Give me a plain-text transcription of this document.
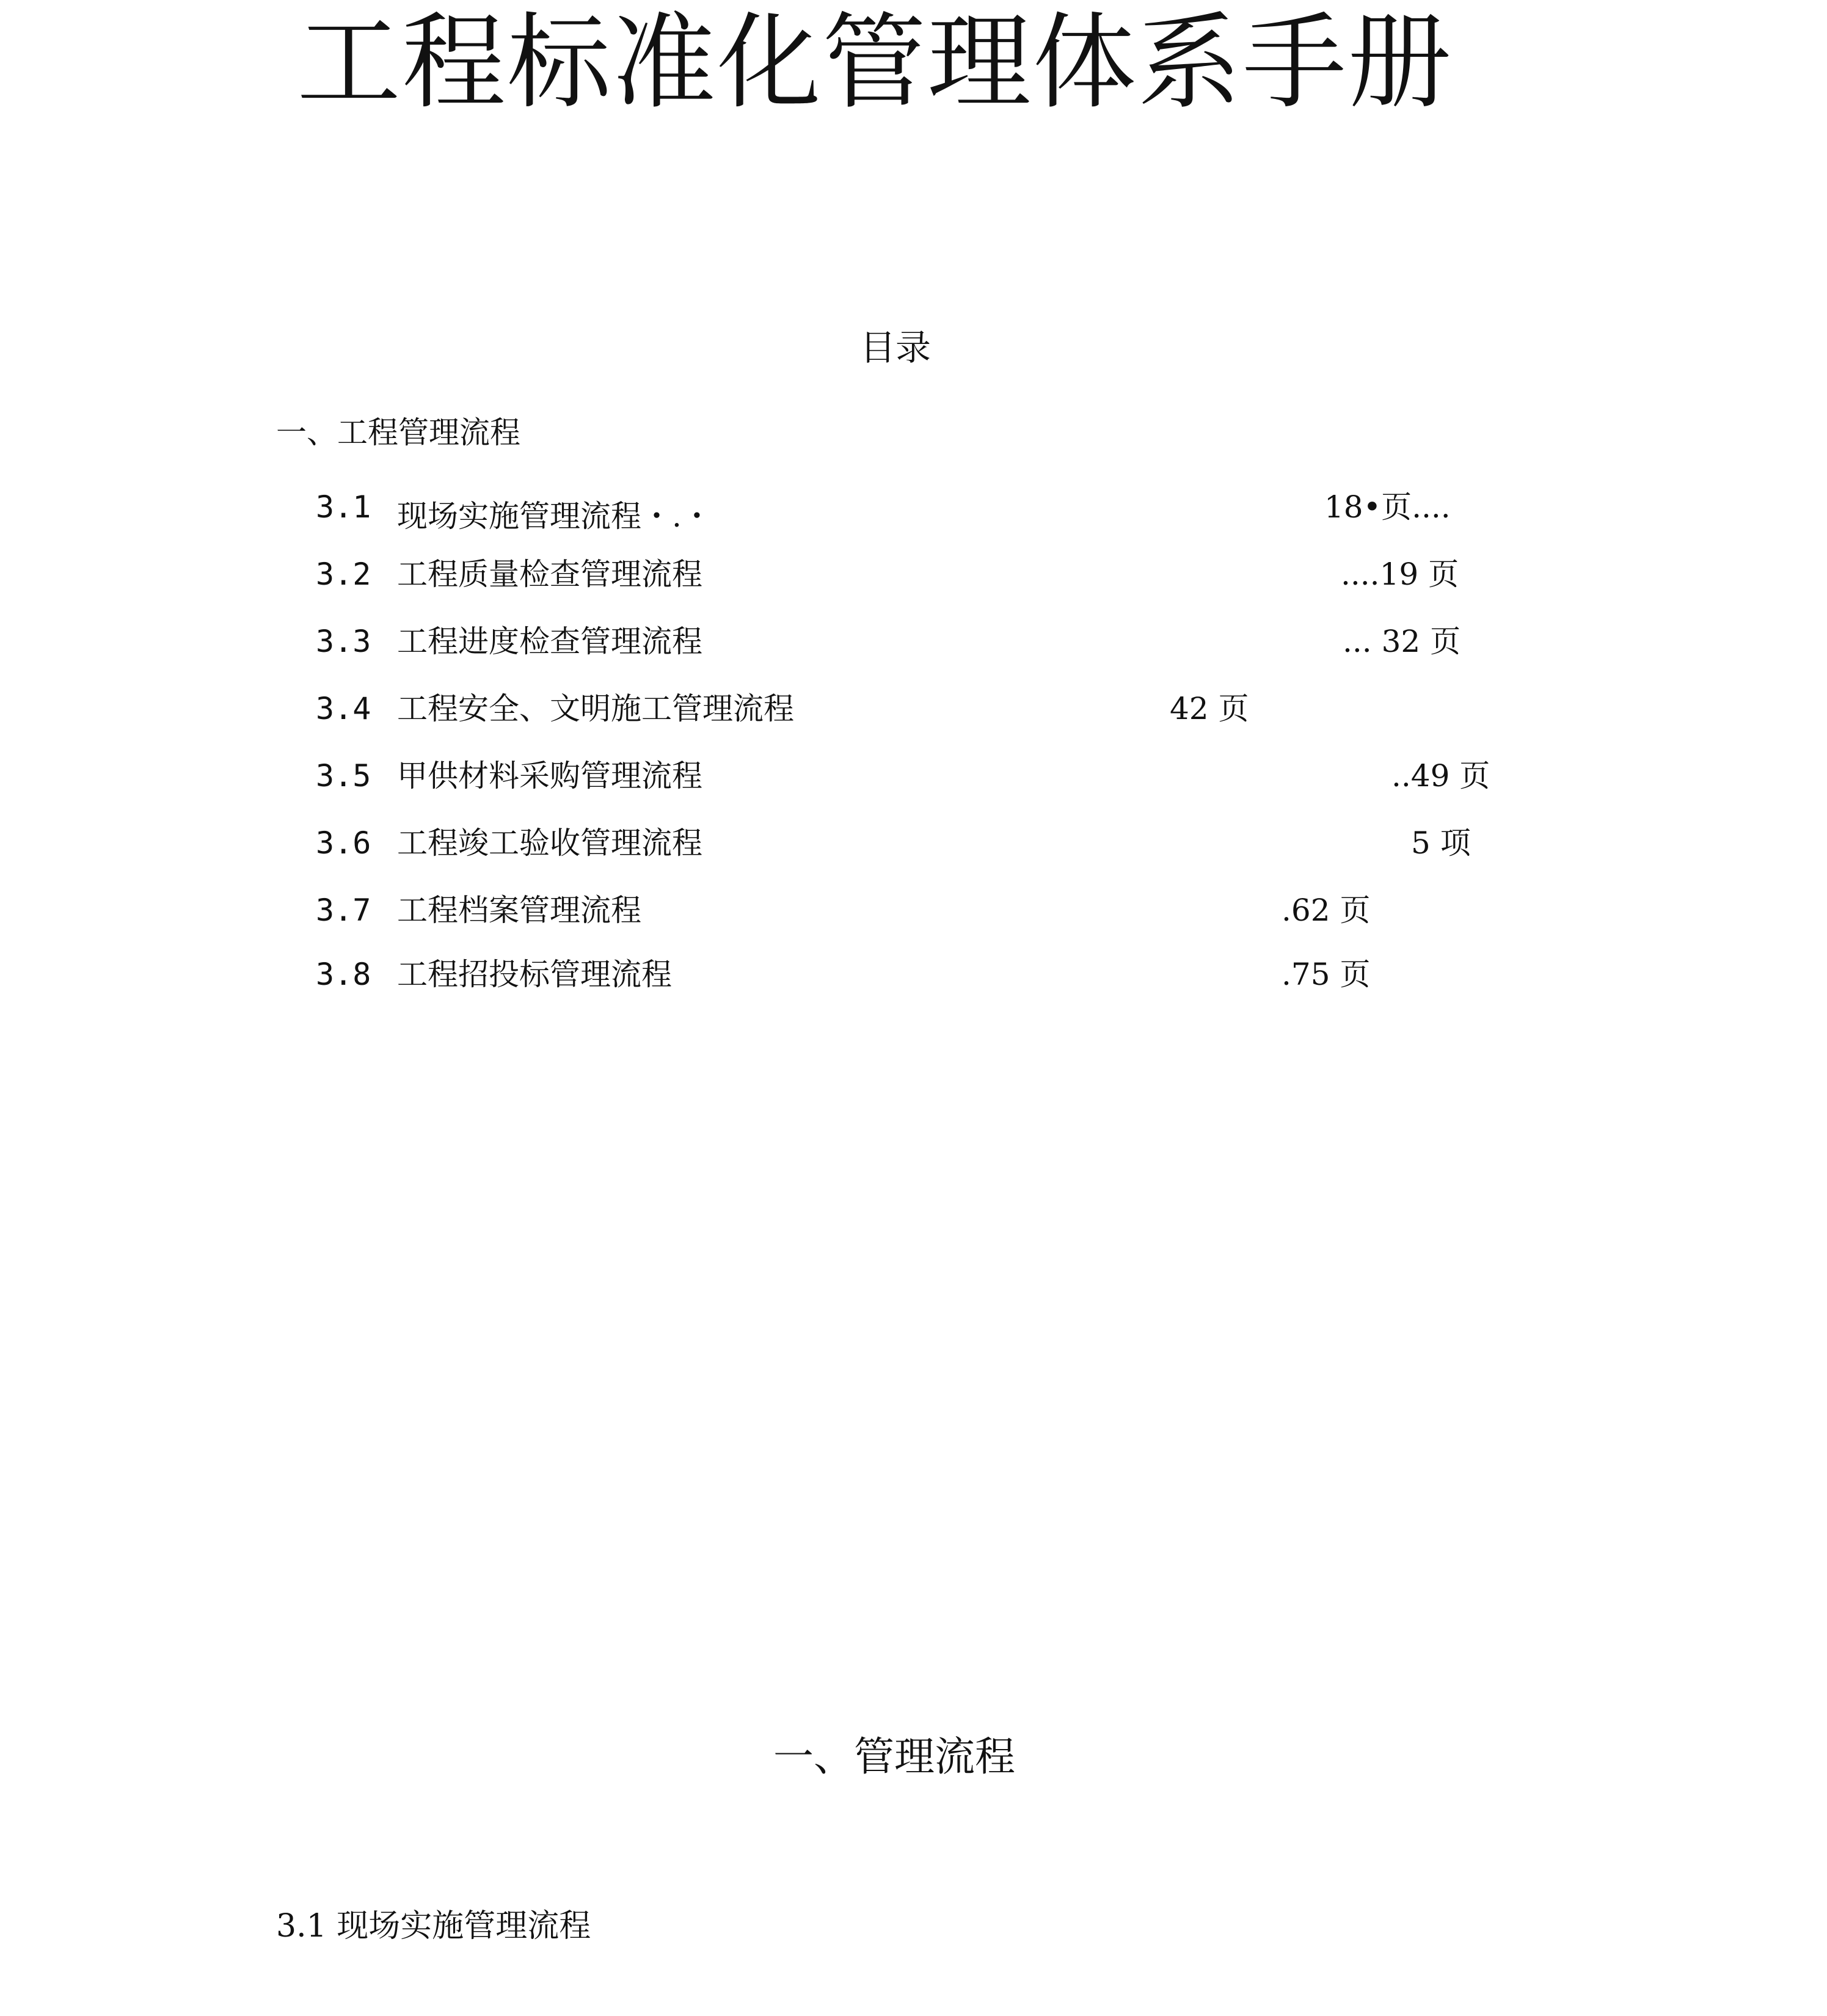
工程标准化管理体系手册
目录
一、工程管理流程
3.1 现场实施管理流程・.・	18•页....
3.2 工程质量检查管理流程	....19 页
3.3 工程进度检查管理流程	... 32 页
3.4 工程安全、文明施工管理流程	42 页
3.5 甲供材料采购管理流程	..49 页
3.6 工程竣工验收管理流程	5 项
3.7 工程档案管理流程	.62 页
3.8 工程招投标管理流程	.75 页
一、管理流程
3.1 现场实施管理流程
